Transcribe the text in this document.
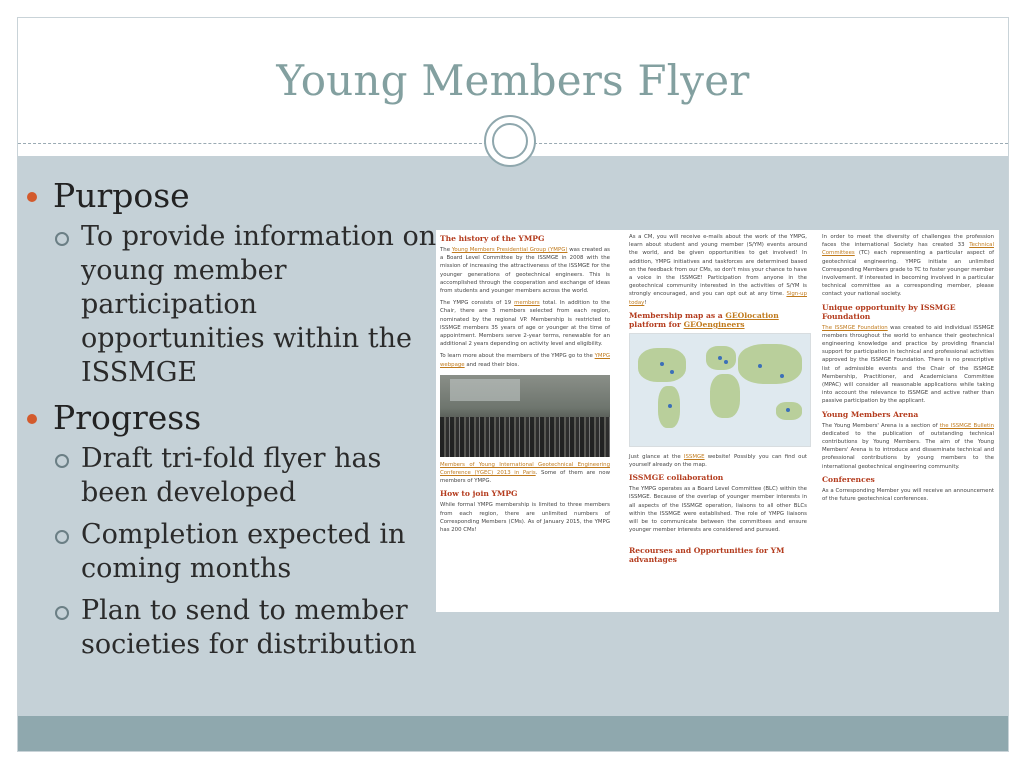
Young Members Flyer
Purpose
To provide information on young member participation opportunities within the ISSMGE
Progress
Draft tri-fold flyer has been developed
Completion expected in coming months
Plan to send to member societies for distribution
The history of the YMPG

The Young Members Presidential Group (YMPG) was created as a Board Level Committee by the ISSMGE in 2008 with the mission of increasing the attractiveness of the ISSMGE for the younger generations of geotechnical engineers. This is accomplished through the cooperation and exchange of ideas from students and younger members across the world.

The YMPG consists of 19 members total. In addition to the Chair, there are 3 members selected from each region, nominated by the regional VP. Membership is restricted to ISSMGE members 35 years of age or younger at the time of appointment. Members serve 2-year terms, renewable for an additional 2 years depending on activity level and eligibility.

To learn more about the members of the YMPG go to the YMPG webpage and read their bios.

Members of Young International Geotechnical Engineering Conference (YGEC) 2013 in Paris. Some of them are now members of YMPG.

How to join YMPG

While formal YMPG membership is limited to three members from each region, there are unlimited numbers of Corresponding Members (CMs). As of January 2015, the YMPG has 200 CMs!

As a CM, you will receive e-mails about the work of the YMPG, learn about student and young member (S/YM) events around the world, and be given opportunities to get involved! In addition, YMPG initiatives and taskforces are determined based on the feedback from our CMs, so don't miss your chance to have a voice in the ISSMGE! Participation from anyone in the geotechnical community interested in the activities of S/YM is strongly encouraged, and you can opt out at any time. Sign-up today!

Membership map as a GEOlocation platform for GEOengineers

Just glance at the ISSMGE website! Possibly you can find out yourself already on the map.

ISSMGE collaboration

The YMPG operates as a Board Level Committee (BLC) within the ISSMGE. Because of the overlap of younger member interests in all aspects of the ISSMGE operation, liaisons to all other BLCs within the ISSMGE were established. The role of YMPG liaisons will be to communicate between the committees and ensure younger member interests are considered and pursued.

Recourses and Opportunities for YM advantages

In order to meet the diversity of challenges the profession faces the international Society has created 33 Technical Committees (TC) each representing a particular aspect of geotechnical engineering. YMPG initiate an unlimited Corresponding Members grade to TC to foster younger member involvement. If interested in becoming involved in a particular technical committee as a corresponding member, please contact your national society.

Unique opportunity by ISSMGE Foundation

The ISSMGE Foundation was created to aid individual ISSMGE members throughout the world to enhance their geotechnical engineering knowledge and practice by providing financial support for participation in technical and professional activities approved by the ISSMGE Foundation. There is no prescriptive list of admissible events and the Chair of the ISSMGE Membership, Practitioner, and Academicians Committee (MPAC) will consider all reasonable applications while taking into account the relevance to ISSMGE and active rather than passive participation by the applicant.

Young Members Arena

The Young Members' Arena is a section of the ISSMGE Bulletin dedicated to the publication of outstanding technical contributions by Young Members. The aim of the Young Members' Arena is to introduce and disseminate technical and professional contributions by young members to the international geotechnical engineering community.

Conferences

As a Corresponding Member you will receive an announcement of the future geotechnical conferences.
